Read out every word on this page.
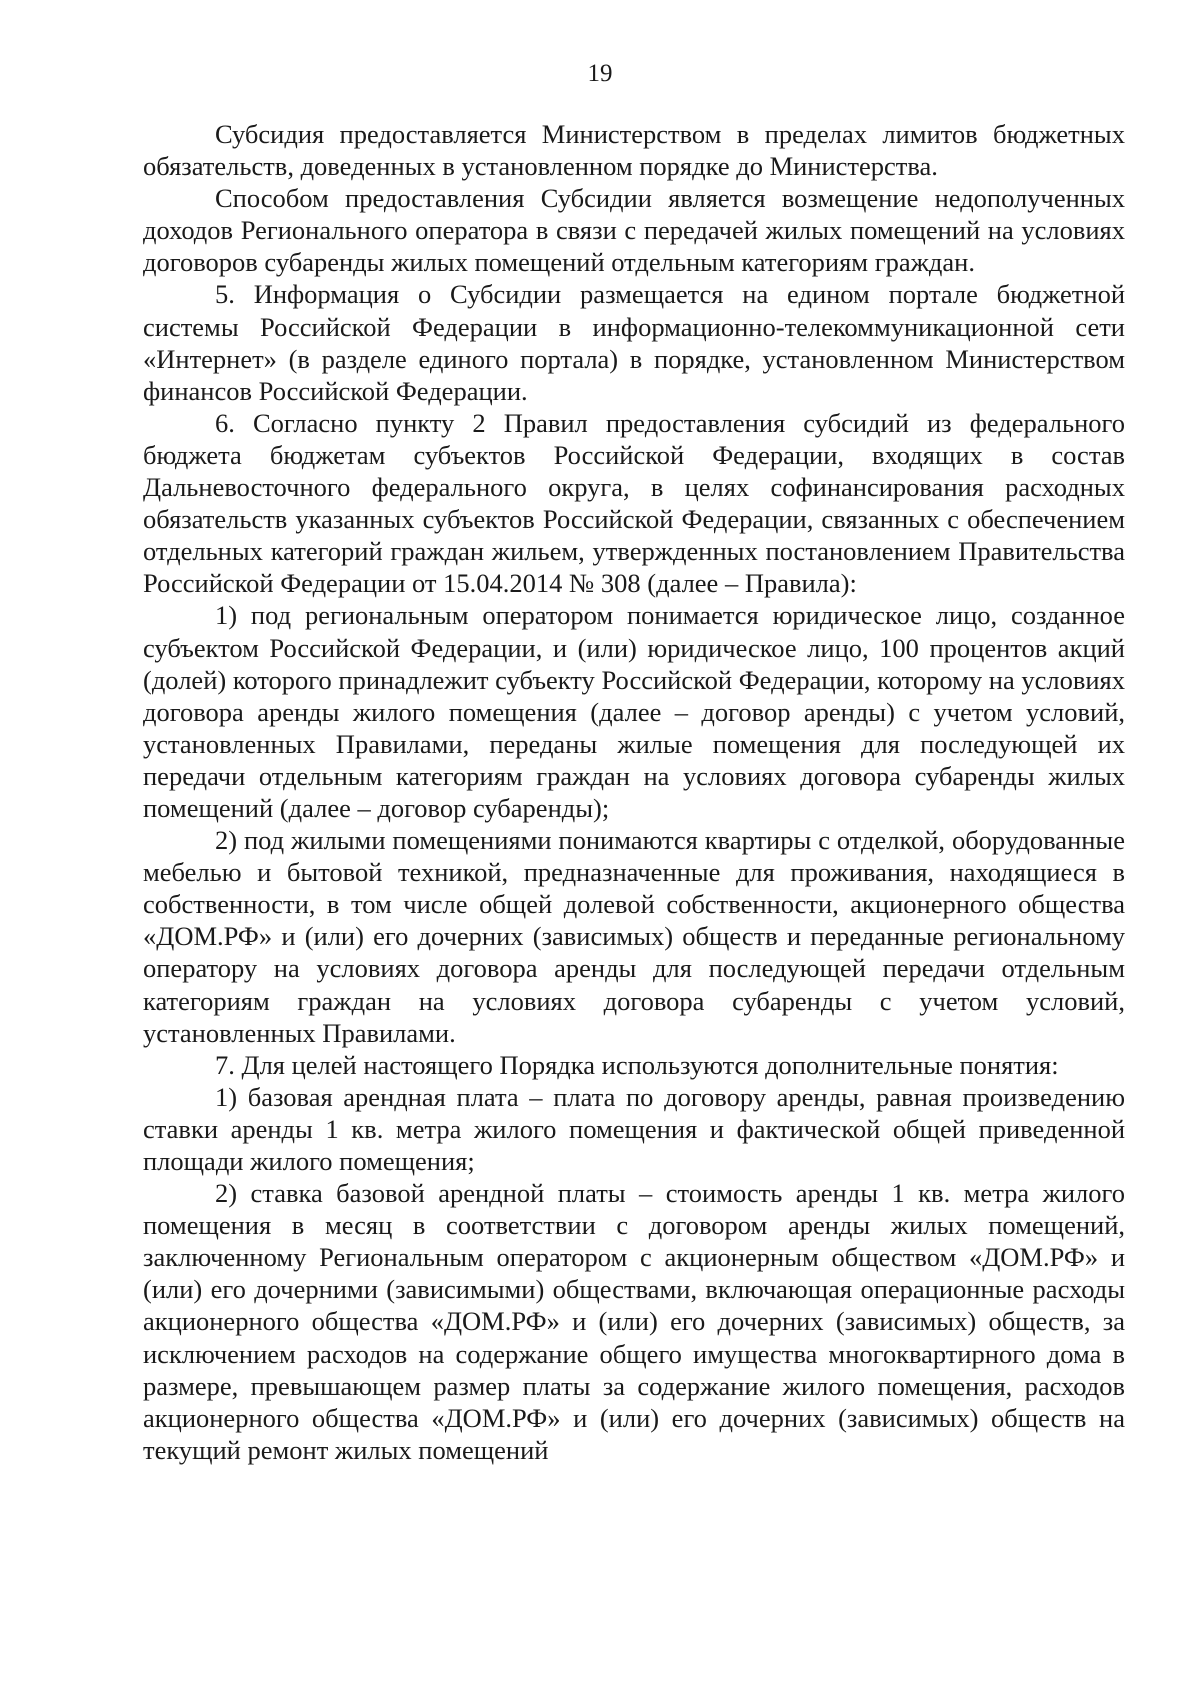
19

Субсидия предоставляется Министерством в пределах лимитов бюджетных обязательств, доведенных в установленном порядке до Министерства.

Способом предоставления Субсидии является возмещение недополученных доходов Регионального оператора в связи с передачей жилых помещений на условиях договоров субаренды жилых помещений отдельным категориям граждан.

5. Информация о Субсидии размещается на едином портале бюджетной системы Российской Федерации в информационно-телекоммуникационной сети «Интернет» (в разделе единого портала) в порядке, установленном Министерством финансов Российской Федерации.

6. Согласно пункту 2 Правил предоставления субсидий из федерального бюджета бюджетам субъектов Российской Федерации, входящих в состав Дальневосточного федерального округа, в целях софинансирования расходных обязательств указанных субъектов Российской Федерации, связанных с обеспечением отдельных категорий граждан жильем, утвержденных постановлением Правительства Российской Федерации от 15.04.2014 № 308 (далее – Правила):

1) под региональным оператором понимается юридическое лицо, созданное субъектом Российской Федерации, и (или) юридическое лицо, 100 процентов акций (долей) которого принадлежит субъекту Российской Федерации, которому на условиях договора аренды жилого помещения (далее – договор аренды) с учетом условий, установленных Правилами, переданы жилые помещения для последующей их передачи отдельным категориям граждан на условиях договора субаренды жилых помещений (далее – договор субаренды);

2) под жилыми помещениями понимаются квартиры с отделкой, оборудованные мебелью и бытовой техникой, предназначенные для проживания, находящиеся в собственности, в том числе общей долевой собственности, акционерного общества «ДОМ.РФ» и (или) его дочерних (зависимых) обществ и переданные региональному оператору на условиях договора аренды для последующей передачи отдельным категориям граждан на условиях договора субаренды с учетом условий, установленных Правилами.

7. Для целей настоящего Порядка используются дополнительные понятия:

1) базовая арендная плата – плата по договору аренды, равная произведению ставки аренды 1 кв. метра жилого помещения и фактической общей приведенной площади жилого помещения;

2) ставка базовой арендной платы – стоимость аренды 1 кв. метра жилого помещения в месяц в соответствии с договором аренды жилых помещений, заключенному Региональным оператором с акционерным обществом «ДОМ.РФ» и (или) его дочерними (зависимыми) обществами, включающая операционные расходы акционерного общества «ДОМ.РФ» и (или) его дочерних (зависимых) обществ, за исключением расходов на содержание общего имущества многоквартирного дома в размере, превышающем размер платы за содержание жилого помещения, расходов акционерного общества «ДОМ.РФ» и (или) его дочерних (зависимых) обществ на текущий ремонт жилых помещений
